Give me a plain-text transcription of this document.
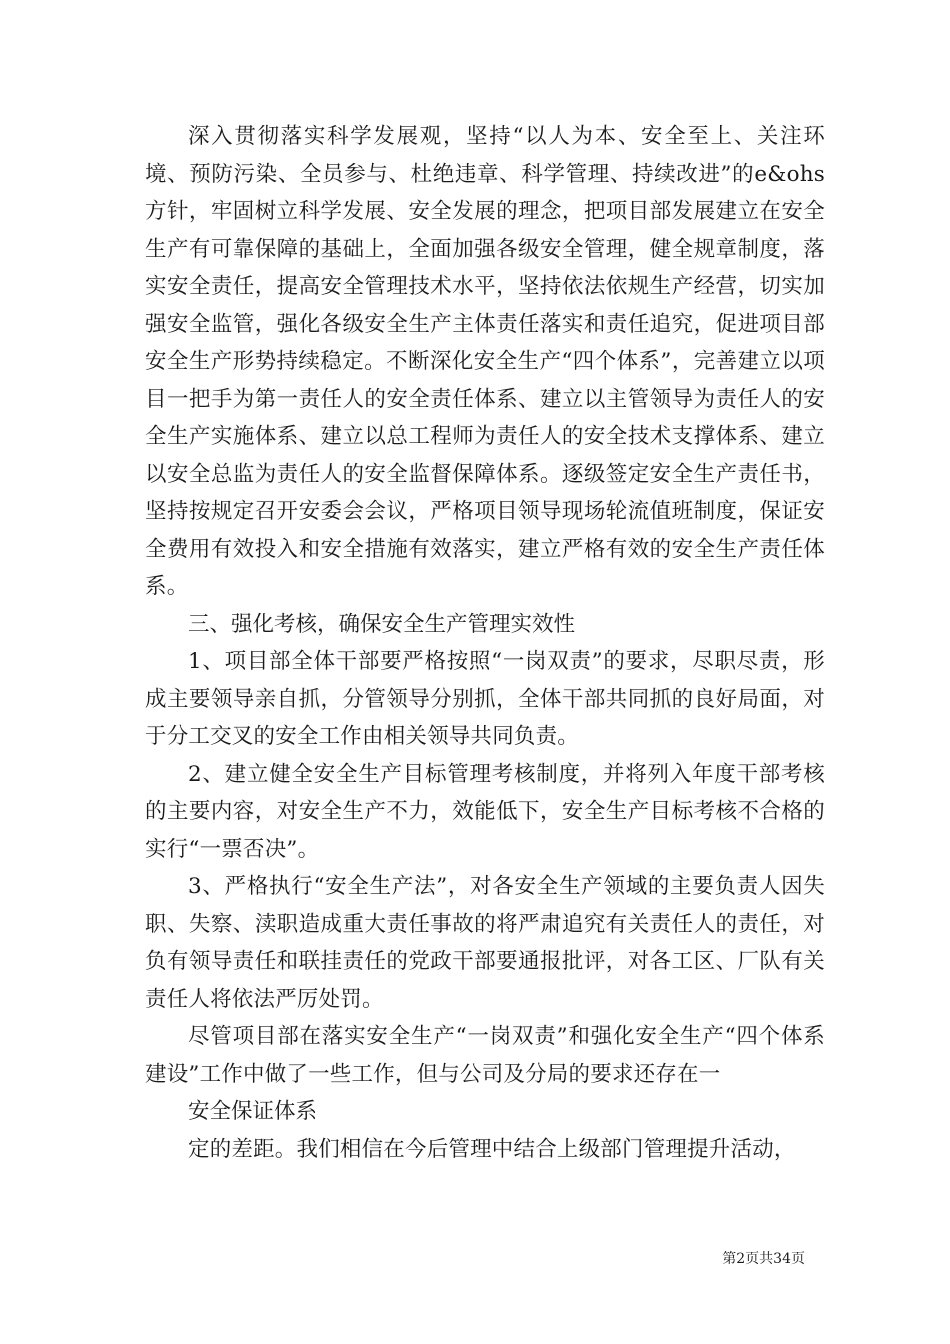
深入贯彻落实科学发展观，坚持“以人为本、安全至上、关注环境、预防污染、全员参与、杜绝违章、科学管理、持续改进”的e&ohs方针，牢固树立科学发展、安全发展的理念，把项目部发展建立在安全生产有可靠保障的基础上，全面加强各级安全管理，健全规章制度，落实安全责任，提高安全管理技术水平，坚持依法依规生产经营，切实加强安全监管，强化各级安全生产主体责任落实和责任追究，促进项目部安全生产形势持续稳定。不断深化安全生产“四个体系”，完善建立以项目一把手为第一责任人的安全责任体系、建立以主管领导为责任人的安全生产实施体系、建立以总工程师为责任人的安全技术支撑体系、建立以安全总监为责任人的安全监督保障体系。逐级签定安全生产责任书，坚持按规定召开安委会会议，严格项目领导现场轮流值班制度，保证安全费用有效投入和安全措施有效落实，建立严格有效的安全生产责任体系。

三、强化考核，确保安全生产管理实效性

1、项目部全体干部要严格按照“一岗双责”的要求，尽职尽责，形成主要领导亲自抓，分管领导分别抓，全体干部共同抓的良好局面，对于分工交叉的安全工作由相关领导共同负责。

2、建立健全安全生产目标管理考核制度，并将列入年度干部考核的主要内容，对安全生产不力，效能低下，安全生产目标考核不合格的实行“一票否决”。

3、严格执行“安全生产法”，对各安全生产领域的主要负责人因失职、失察、渎职造成重大责任事故的将严肃追究有关责任人的责任，对负有领导责任和联挂责任的党政干部要通报批评，对各工区、厂队有关责任人将依法严厉处罚。

尽管项目部在落实安全生产“一岗双责”和强化安全生产“四个体系建设”工作中做了一些工作，但与公司及分局的要求还存在一

安全保证体系

定的差距。我们相信在今后管理中结合上级部门管理提升活动，

第2页共34页
